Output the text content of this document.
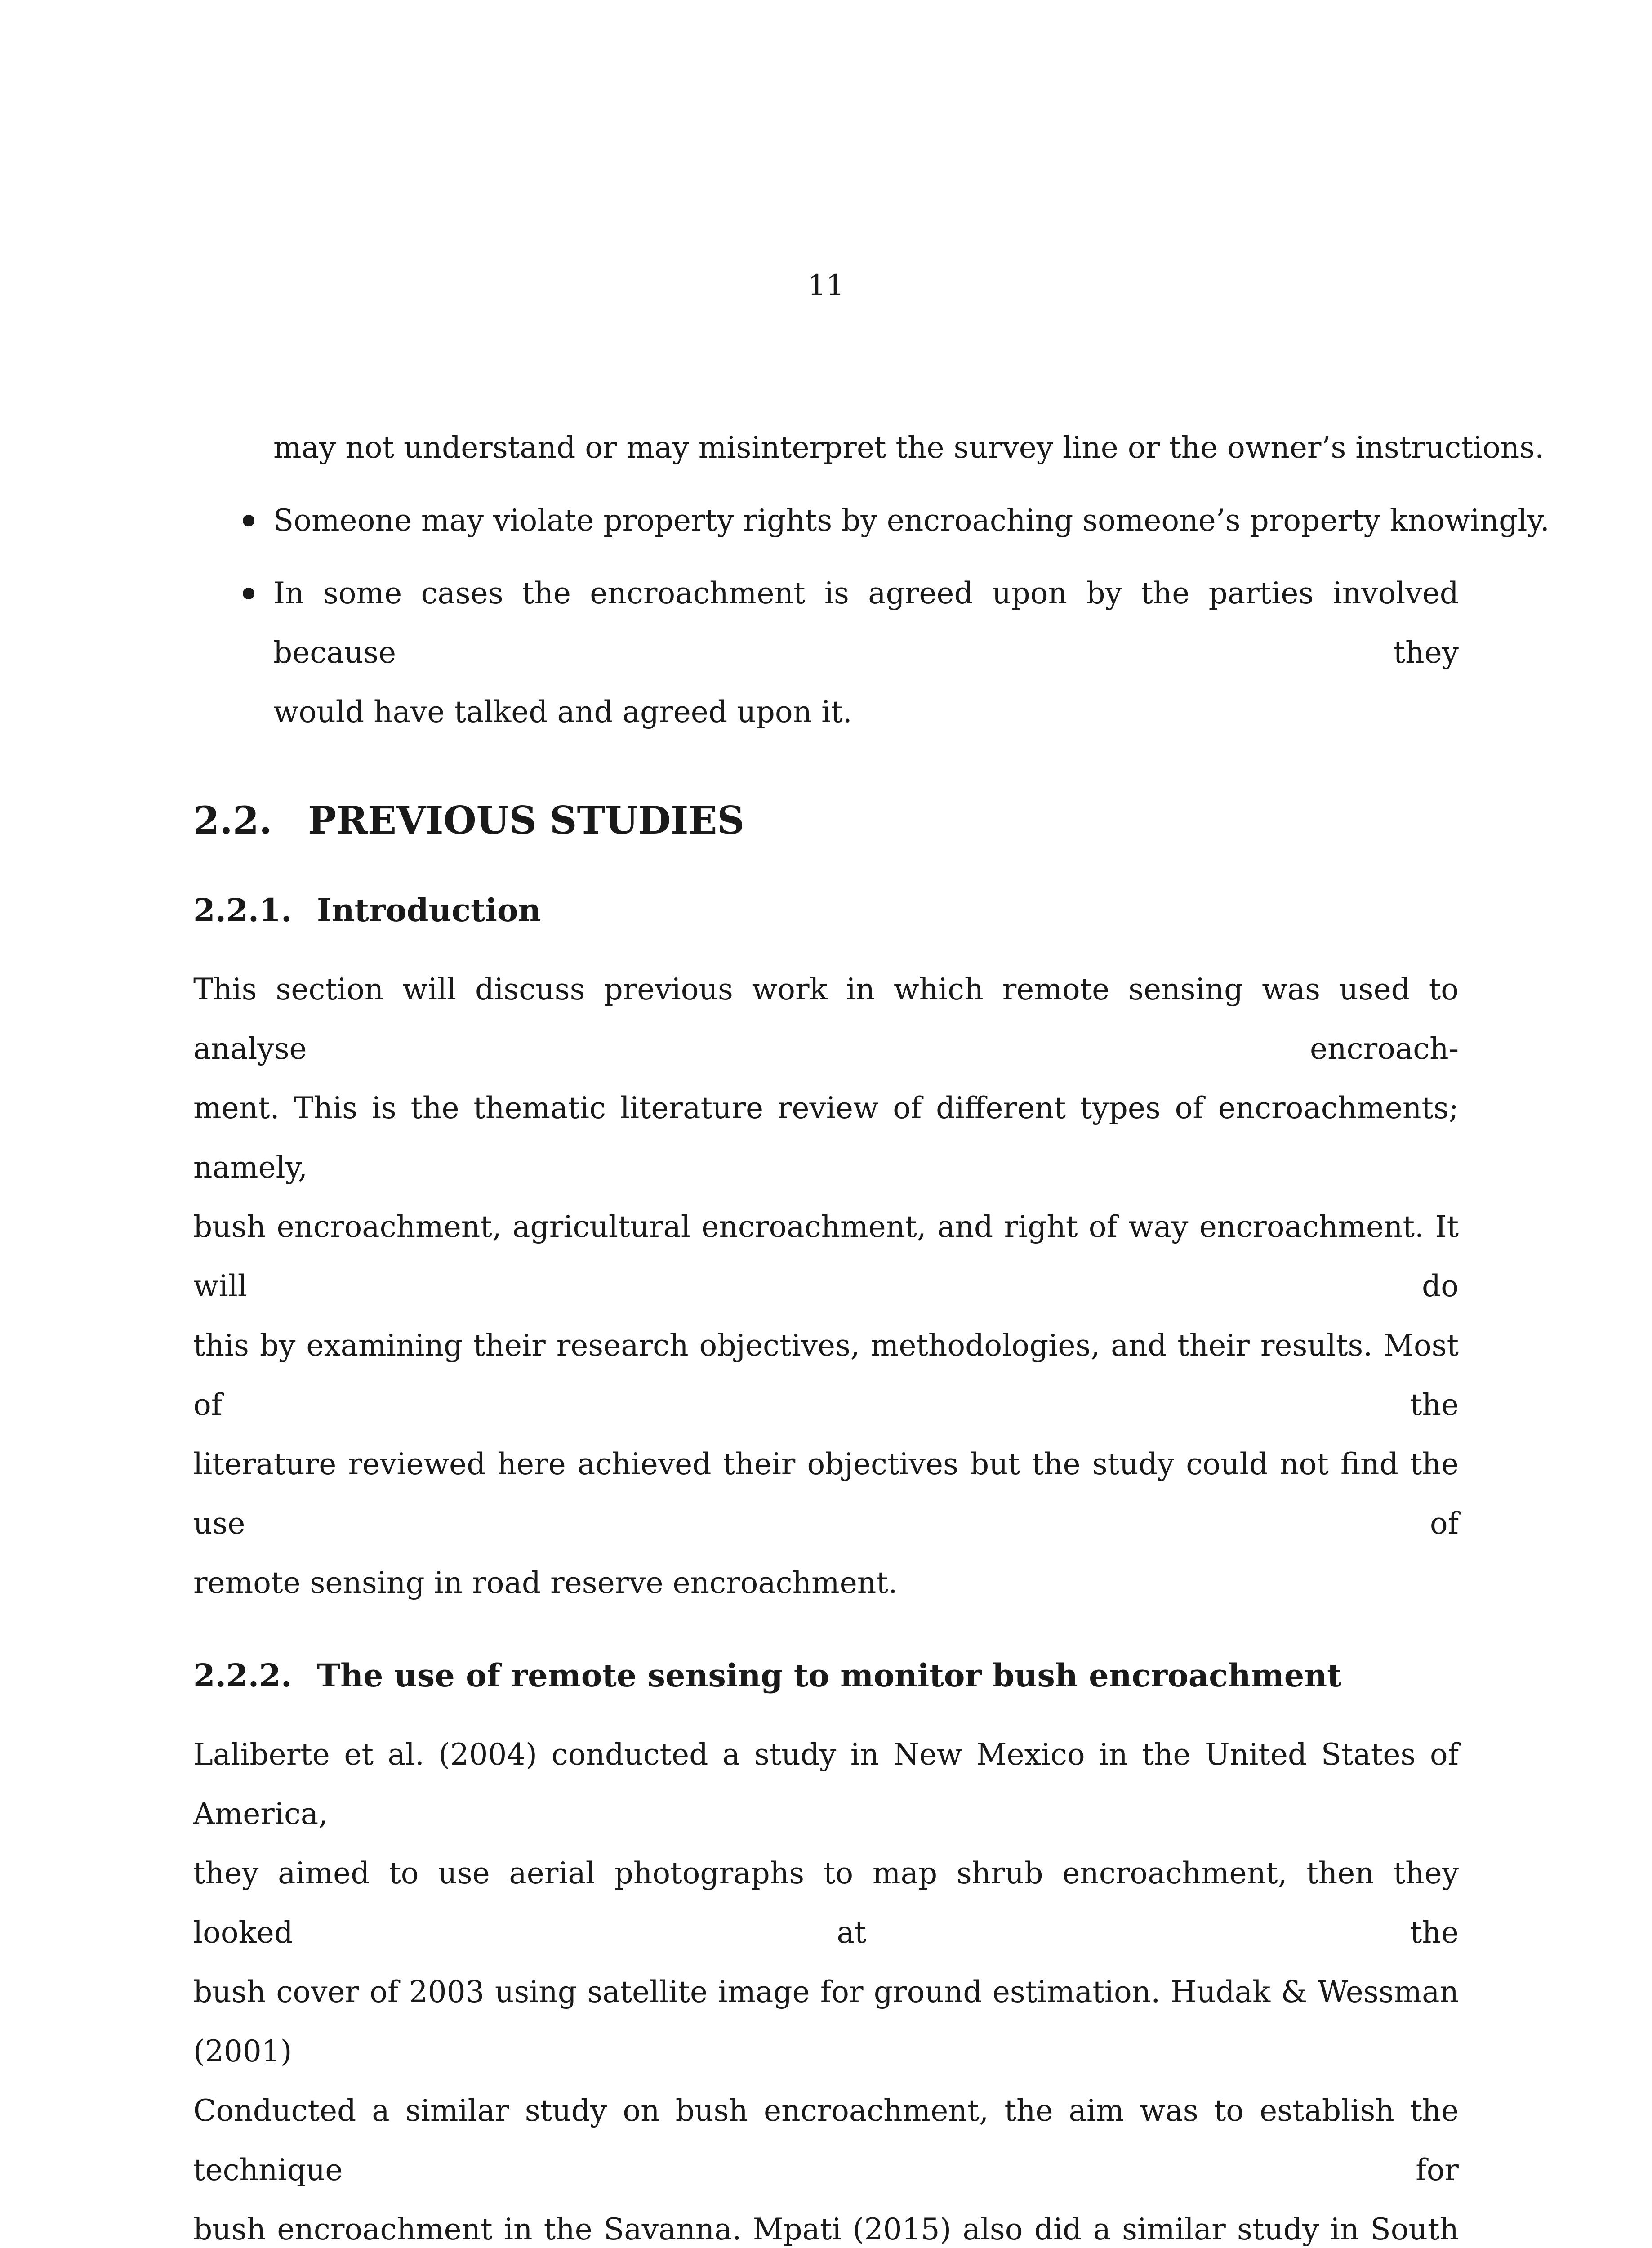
11
may not understand or may misinterpret the survey line or the owner’s instructions.
Someone may violate property rights by encroaching someone’s property knowingly.
In some cases the encroachment is agreed upon by the parties involved because they
would have talked and agreed upon it.
2.2. PREVIOUS STUDIES
2.2.1. Introduction
This section will discuss previous work in which remote sensing was used to analyse encroach-
ment. This is the thematic literature review of different types of encroachments; namely,
bush encroachment, agricultural encroachment, and right of way encroachment. It will do
this by examining their research objectives, methodologies, and their results. Most of the
literature reviewed here achieved their objectives but the study could not find the use of
remote sensing in road reserve encroachment.
2.2.2. The use of remote sensing to monitor bush encroachment
Laliberte et al. (2004) conducted a study in New Mexico in the United States of America,
they aimed to use aerial photographs to map shrub encroachment, then they looked at the
bush cover of 2003 using satellite image for ground estimation. Hudak & Wessman (2001)
Conducted a similar study on bush encroachment, the aim was to establish the technique for
bush encroachment in the Savanna. Mpati (2015) also did a similar study in South
